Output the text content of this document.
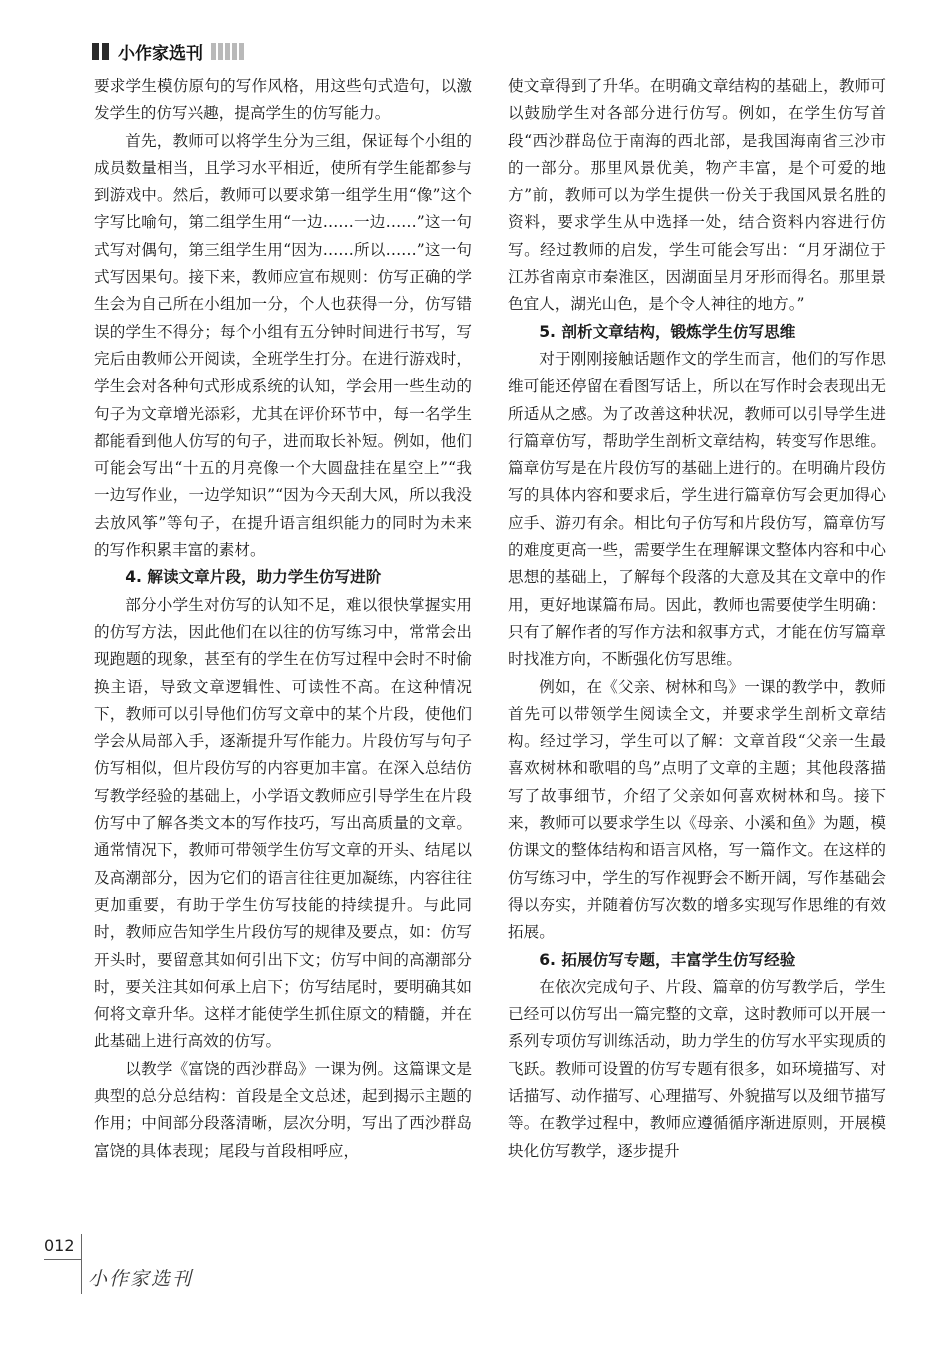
小作家选刊

要求学生模仿原句的写作风格，用这些句式造句，以激发学生的仿写兴趣，提高学生的仿写能力。

首先，教师可以将学生分为三组，保证每个小组的成员数量相当，且学习水平相近，使所有学生能都参与到游戏中。然后，教师可以要求第一组学生用“像”这个字写比喻句，第二组学生用“一边……一边……”这一句式写对偶句，第三组学生用“因为……所以……”这一句式写因果句。接下来，教师应宣布规则：仿写正确的学生会为自己所在小组加一分，个人也获得一分，仿写错误的学生不得分；每个小组有五分钟时间进行书写，写完后由教师公开阅读，全班学生打分。在进行游戏时，学生会对各种句式形成系统的认知，学会用一些生动的句子为文章增光添彩，尤其在评价环节中，每一名学生都能看到他人仿写的句子，进而取长补短。例如，他们可能会写出“十五的月亮像一个大圆盘挂在星空上”“我一边写作业，一边学知识”“因为今天刮大风，所以我没去放风筝”等句子，在提升语言组织能力的同时为未来的写作积累丰富的素材。

4. 解读文章片段，助力学生仿写进阶

部分小学生对仿写的认知不足，难以很快掌握实用的仿写方法，因此他们在以往的仿写练习中，常常会出现跑题的现象，甚至有的学生在仿写过程中会时不时偷换主语，导致文章逻辑性、可读性不高。在这种情况下，教师可以引导他们仿写文章中的某个片段，使他们学会从局部入手，逐渐提升写作能力。片段仿写与句子仿写相似，但片段仿写的内容更加丰富。在深入总结仿写教学经验的基础上，小学语文教师应引导学生在片段仿写中了解各类文本的写作技巧，写出高质量的文章。通常情况下，教师可带领学生仿写文章的开头、结尾以及高潮部分，因为它们的语言往往更加凝练，内容往往更加重要，有助于学生仿写技能的持续提升。与此同时，教师应告知学生片段仿写的规律及要点，如：仿写开头时，要留意其如何引出下文；仿写中间的高潮部分时，要关注其如何承上启下；仿写结尾时，要明确其如何将文章升华。这样才能使学生抓住原文的精髓，并在此基础上进行高效的仿写。

以教学《富饶的西沙群岛》一课为例。这篇课文是典型的总分总结构：首段是全文总述，起到揭示主题的作用；中间部分段落清晰，层次分明，写出了西沙群岛富饶的具体表现；尾段与首段相呼应，

使文章得到了升华。在明确文章结构的基础上，教师可以鼓励学生对各部分进行仿写。例如，在学生仿写首段“西沙群岛位于南海的西北部，是我国海南省三沙市的一部分。那里风景优美，物产丰富，是个可爱的地方”前，教师可以为学生提供一份关于我国风景名胜的资料，要求学生从中选择一处，结合资料内容进行仿写。经过教师的启发，学生可能会写出：“月牙湖位于江苏省南京市秦淮区，因湖面呈月牙形而得名。那里景色宜人，湖光山色，是个令人神往的地方。”

5. 剖析文章结构，锻炼学生仿写思维

对于刚刚接触话题作文的学生而言，他们的写作思维可能还停留在看图写话上，所以在写作时会表现出无所适从之感。为了改善这种状况，教师可以引导学生进行篇章仿写，帮助学生剖析文章结构，转变写作思维。篇章仿写是在片段仿写的基础上进行的。在明确片段仿写的具体内容和要求后，学生进行篇章仿写会更加得心应手、游刃有余。相比句子仿写和片段仿写，篇章仿写的难度更高一些，需要学生在理解课文整体内容和中心思想的基础上，了解每个段落的大意及其在文章中的作用，更好地谋篇布局。因此，教师也需要使学生明确：只有了解作者的写作方法和叙事方式，才能在仿写篇章时找准方向，不断强化仿写思维。

例如，在《父亲、树林和鸟》一课的教学中，教师首先可以带领学生阅读全文，并要求学生剖析文章结构。经过学习，学生可以了解：文章首段“父亲一生最喜欢树林和歌唱的鸟”点明了文章的主题；其他段落描写了故事细节，介绍了父亲如何喜欢树林和鸟。接下来，教师可以要求学生以《母亲、小溪和鱼》为题，模仿课文的整体结构和语言风格，写一篇作文。在这样的仿写练习中，学生的写作视野会不断开阔，写作基础会得以夯实，并随着仿写次数的增多实现写作思维的有效拓展。

6. 拓展仿写专题，丰富学生仿写经验

在依次完成句子、片段、篇章的仿写教学后，学生已经可以仿写出一篇完整的文章，这时教师可以开展一系列专项仿写训练活动，助力学生的仿写水平实现质的飞跃。教师可设置的仿写专题有很多，如环境描写、对话描写、动作描写、心理描写、外貌描写以及细节描写等。在教学过程中，教师应遵循循序渐进原则，开展模块化仿写教学，逐步提升

012
小作家选刊
